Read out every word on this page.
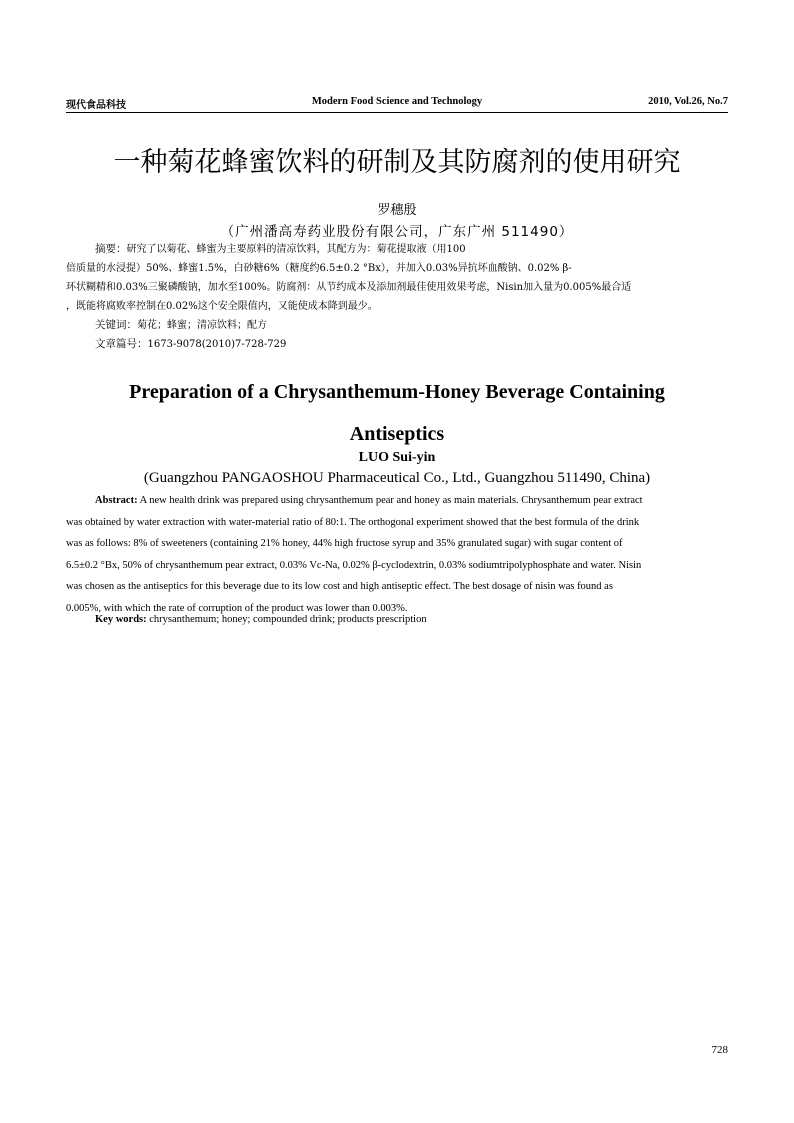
现代食品科技	Modern Food Science and Technology	2010, Vol.26, No.7
一种菊花蜂蜜饮料的研制及其防腐剂的使用研究
罗穗殷
（广州潘高寿药业股份有限公司，广东广州 511490）

摘要：研究了以菊花、蜂蜜为主要原料的清凉饮料，其配方为：菊花提取液（用100

倍质量的水浸提）50%、蜂蜜1.5%，白砂糖6%（糖度约6.5±0.2 °Bx），并加入0.03%异抗坏血酸钠、0.02% β-

环状糊精和0.03%三聚磷酸钠，加水至100%。防腐剂：从节约成本及添加剂最佳使用效果考虑，Nisin加入量为0.005%最合适

，既能将腐败率控制在0.02%这个安全限值内，又能使成本降到最少。

关键词：菊花；蜂蜜；清凉饮料；配方

文章篇号：1673-9078(2010)7-728-729

Preparation of a Chrysanthemum-Honey Beverage Containing
Antiseptics
LUO Sui-yin
(Guangzhou PANGAOSHOU Pharmaceutical Co., Ltd., Guangzhou 511490, China)

Abstract: A new health drink was prepared using chrysanthemum pear and honey as main materials. Chrysanthemum pear extract

was obtained by water extraction with water-material ratio of 80:1. The orthogonal experiment showed that the best formula of the drink

was as follows: 8% of sweeteners (containing 21% honey, 44% high fructose syrup and 35% granulated sugar) with sugar content of

6.5±0.2 °Bx, 50% of chrysanthemum pear extract, 0.03% Vc-Na, 0.02% β-cyclodextrin, 0.03% sodiumtripolyphosphate and water. Nisin

was chosen as the antiseptics for this beverage due to its low cost and high antiseptic effect. The best dosage of nisin was found as

0.005%, with which the rate of corruption of the product was lower than 0.003%.

Key words: chrysanthemum; honey; compounded drink; products prescription
728
